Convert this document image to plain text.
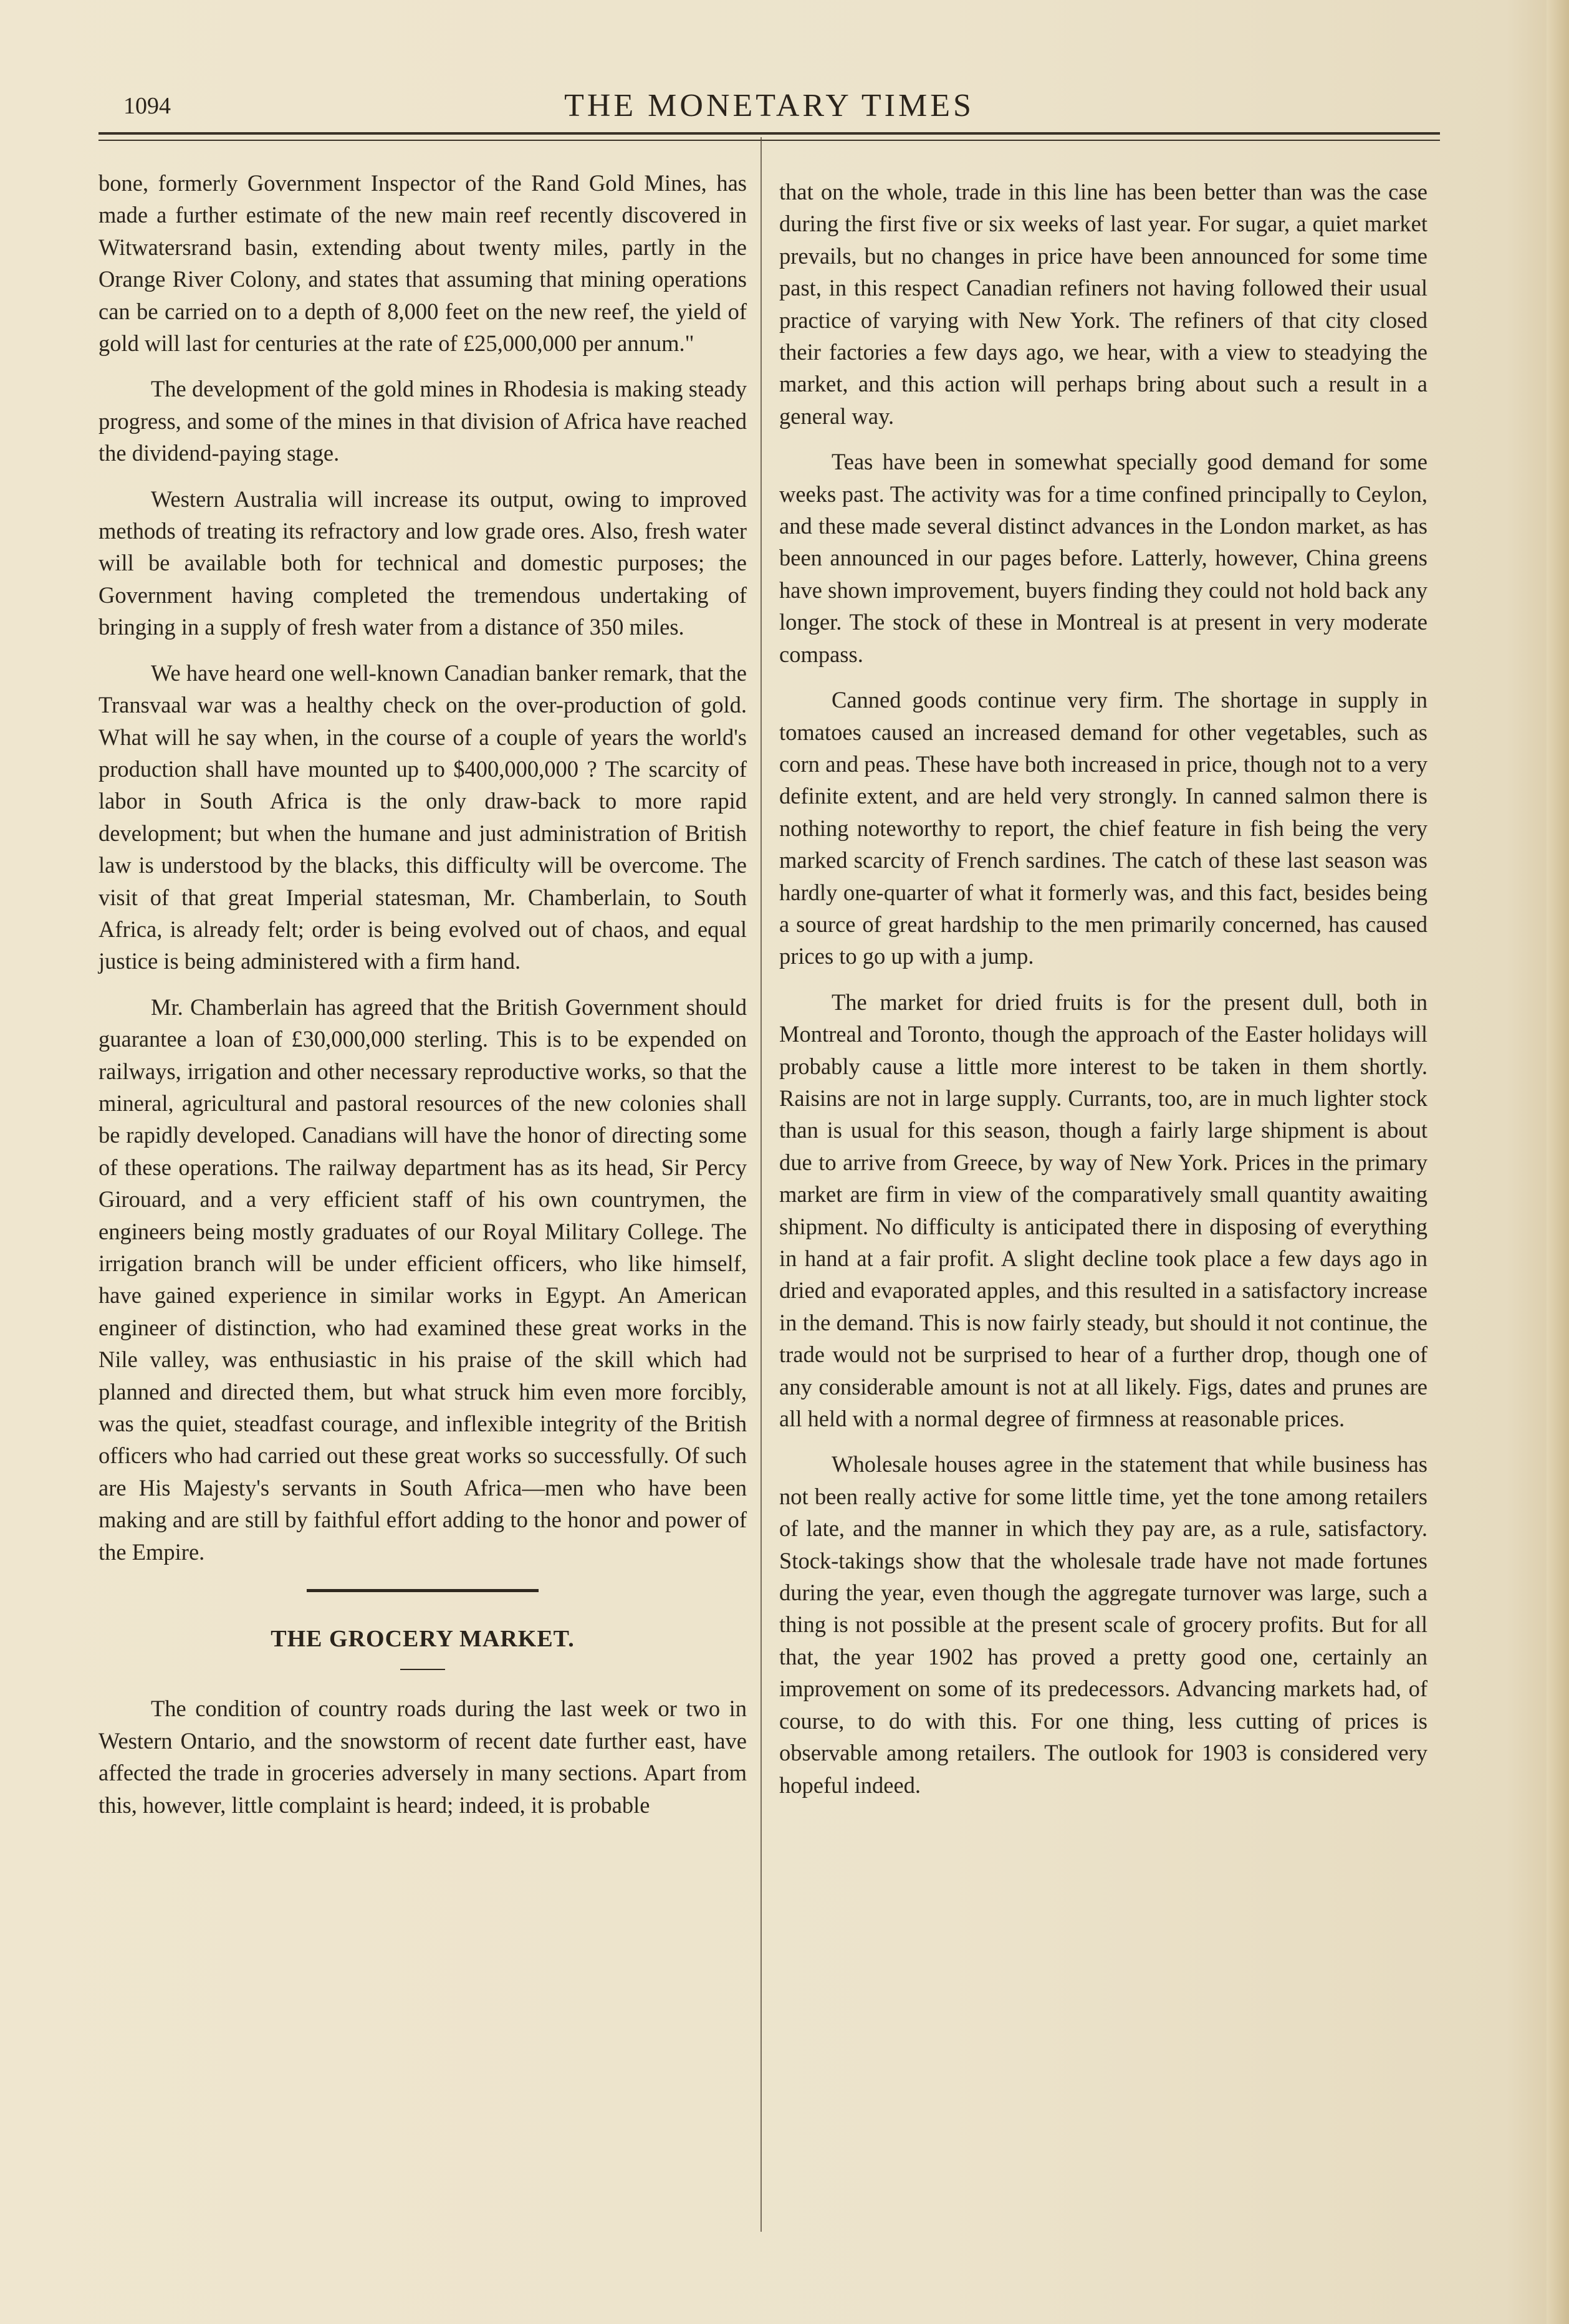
1094	THE MONETARY TIMES

bone, formerly Government Inspector of the Rand Gold Mines, has made a further estimate of the new main reef recently discovered in Witwatersrand basin, extending about twenty miles, partly in the Orange River Colony, and states that assuming that mining operations can be carried on to a depth of 8,000 feet on the new reef, the yield of gold will last for centuries at the rate of £25,000,000 per annum."

The development of the gold mines in Rhodesia is making steady progress, and some of the mines in that division of Africa have reached the dividend-paying stage.

Western Australia will increase its output, owing to improved methods of treating its refractory and low grade ores. Also, fresh water will be available both for technical and domestic purposes; the Government having completed the tremendous undertaking of bringing in a supply of fresh water from a distance of 350 miles.

We have heard one well-known Canadian banker remark, that the Transvaal war was a healthy check on the over-production of gold. What will he say when, in the course of a couple of years the world's production shall have mounted up to $400,000,000 ? The scarcity of labor in South Africa is the only draw-back to more rapid development; but when the humane and just administration of British law is understood by the blacks, this difficulty will be overcome. The visit of that great Imperial statesman, Mr. Chamberlain, to South Africa, is already felt; order is being evolved out of chaos, and equal justice is being administered with a firm hand.

Mr. Chamberlain has agreed that the British Government should guarantee a loan of £30,000,000 sterling. This is to be expended on railways, irrigation and other necessary reproductive works, so that the mineral, agricultural and pastoral resources of the new colonies shall be rapidly developed. Canadians will have the honor of directing some of these operations. The railway department has as its head, Sir Percy Girouard, and a very efficient staff of his own countrymen, the engineers being mostly graduates of our Royal Military College. The irrigation branch will be under efficient officers, who like himself, have gained experience in similar works in Egypt. An American engineer of distinction, who had examined these great works in the Nile valley, was enthusiastic in his praise of the skill which had planned and directed them, but what struck him even more forcibly, was the quiet, steadfast courage, and inflexible integrity of the British officers who had carried out these great works so successfully. Of such are His Majesty's servants in South Africa—men who have been making and are still by faithful effort adding to the honor and power of the Empire.

THE GROCERY MARKET.

The condition of country roads during the last week or two in Western Ontario, and the snowstorm of recent date further east, have affected the trade in groceries adversely in many sections. Apart from this, however, little complaint is heard; indeed, it is probable

that on the whole, trade in this line has been better than was the case during the first five or six weeks of last year. For sugar, a quiet market prevails, but no changes in price have been announced for some time past, in this respect Canadian refiners not having followed their usual practice of varying with New York. The refiners of that city closed their factories a few days ago, we hear, with a view to steadying the market, and this action will perhaps bring about such a result in a general way.

Teas have been in somewhat specially good demand for some weeks past. The activity was for a time confined principally to Ceylon, and these made several distinct advances in the London market, as has been announced in our pages before. Latterly, however, China greens have shown improvement, buyers finding they could not hold back any longer. The stock of these in Montreal is at present in very moderate compass.

Canned goods continue very firm. The shortage in supply in tomatoes caused an increased demand for other vegetables, such as corn and peas. These have both increased in price, though not to a very definite extent, and are held very strongly. In canned salmon there is nothing noteworthy to report, the chief feature in fish being the very marked scarcity of French sardines. The catch of these last season was hardly one-quarter of what it formerly was, and this fact, besides being a source of great hardship to the men primarily concerned, has caused prices to go up with a jump.

The market for dried fruits is for the present dull, both in Montreal and Toronto, though the approach of the Easter holidays will probably cause a little more interest to be taken in them shortly. Raisins are not in large supply. Currants, too, are in much lighter stock than is usual for this season, though a fairly large shipment is about due to arrive from Greece, by way of New York. Prices in the primary market are firm in view of the comparatively small quantity awaiting shipment. No difficulty is anticipated there in disposing of everything in hand at a fair profit. A slight decline took place a few days ago in dried and evaporated apples, and this resulted in a satisfactory increase in the demand. This is now fairly steady, but should it not continue, the trade would not be surprised to hear of a further drop, though one of any considerable amount is not at all likely. Figs, dates and prunes are all held with a normal degree of firmness at reasonable prices.

Wholesale houses agree in the statement that while business has not been really active for some little time, yet the tone among retailers of late, and the manner in which they pay are, as a rule, satisfactory. Stock-takings show that the wholesale trade have not made fortunes during the year, even though the aggregate turnover was large, such a thing is not possible at the present scale of grocery profits. But for all that, the year 1902 has proved a pretty good one, certainly an improvement on some of its predecessors. Advancing markets had, of course, to do with this. For one thing, less cutting of prices is observable among retailers. The outlook for 1903 is considered very hopeful indeed.
